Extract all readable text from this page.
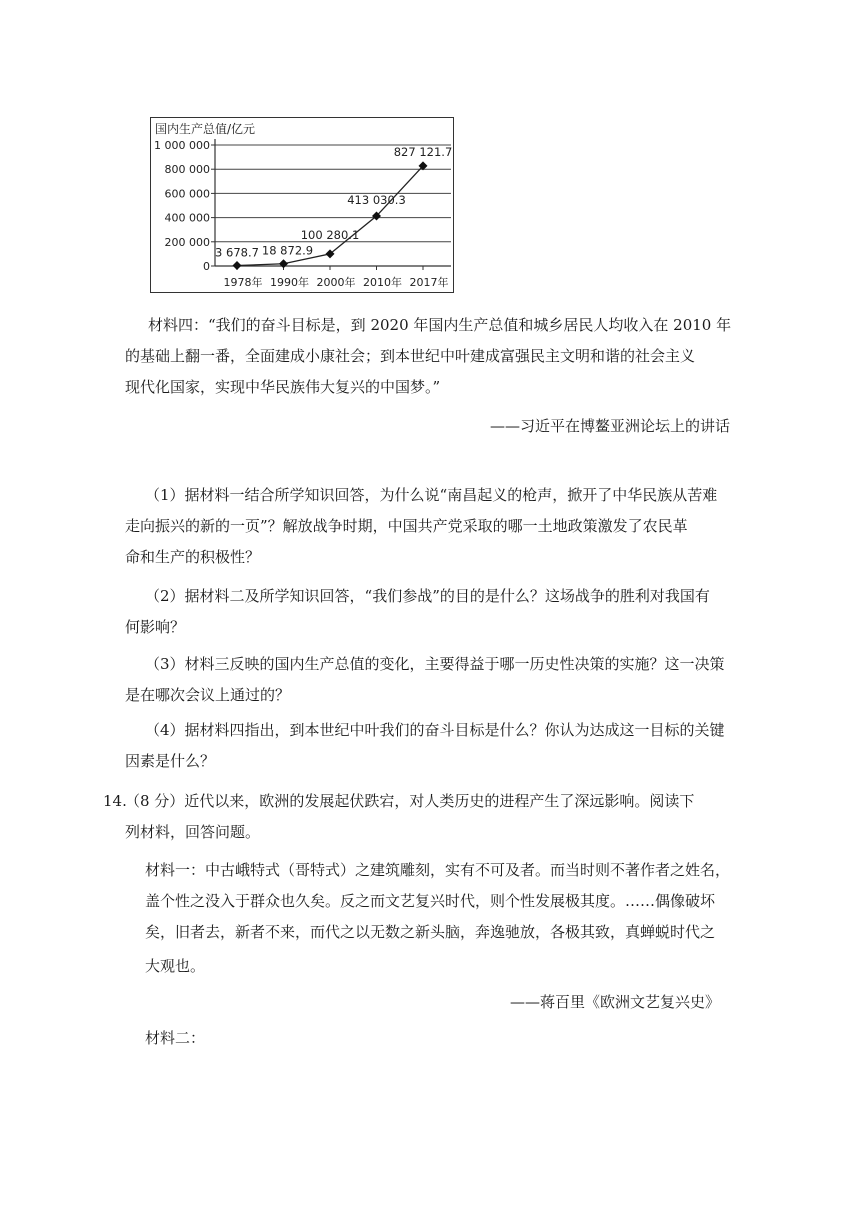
国内生产总值/亿元
0
200 000
400 000
600 000
800 000
1 000 000
1978年 1990年 2000年 2010年 2017年
3 678.7 18 872.9
100 280.1
413 030.3
827 121.7
材料四：“我们的奋斗目标是，到 2020 年国内生产总值和城乡居民人均收入在 2010 年
的基础上翻一番，全面建成小康社会；到本世纪中叶建成富强民主文明和谐的社会主义
现代化国家，实现中华民族伟大复兴的中国梦。”
——习近平在博鳌亚洲论坛上的讲话
（1）据材料一结合所学知识回答，为什么说“南昌起义的枪声，掀开了中华民族从苦难
走向振兴的新的一页”？解放战争时期，中国共产党采取的哪一土地政策激发了农民革
命和生产的积极性？
（2）据材料二及所学知识回答，“我们参战”的目的是什么？这场战争的胜利对我国有
何影响？
（3）材料三反映的国内生产总值的变化，主要得益于哪一历史性决策的实施？这一决策
是在哪次会议上通过的？
（4）据材料四指出，到本世纪中叶我们的奋斗目标是什么？你认为达成这一目标的关键
因素是什么？
14.
（8 分）近代以来，欧洲的发展起伏跌宕，对人类历史的进程产生了深远影响。阅读下
列材料，回答问题。
材料一：中古峨特式（哥特式）之建筑雕刻，实有不可及者。而当时则不著作者之姓名，
盖个性之没入于群众也久矣。反之而文艺复兴时代，则个性发展极其度。……偶像破坏
矣，旧者去，新者不来，而代之以无数之新头脑，奔逸驰放，各极其致，真蝉蜕时代之
大观也。
——蒋百里《欧洲文艺复兴史》
材料二：
